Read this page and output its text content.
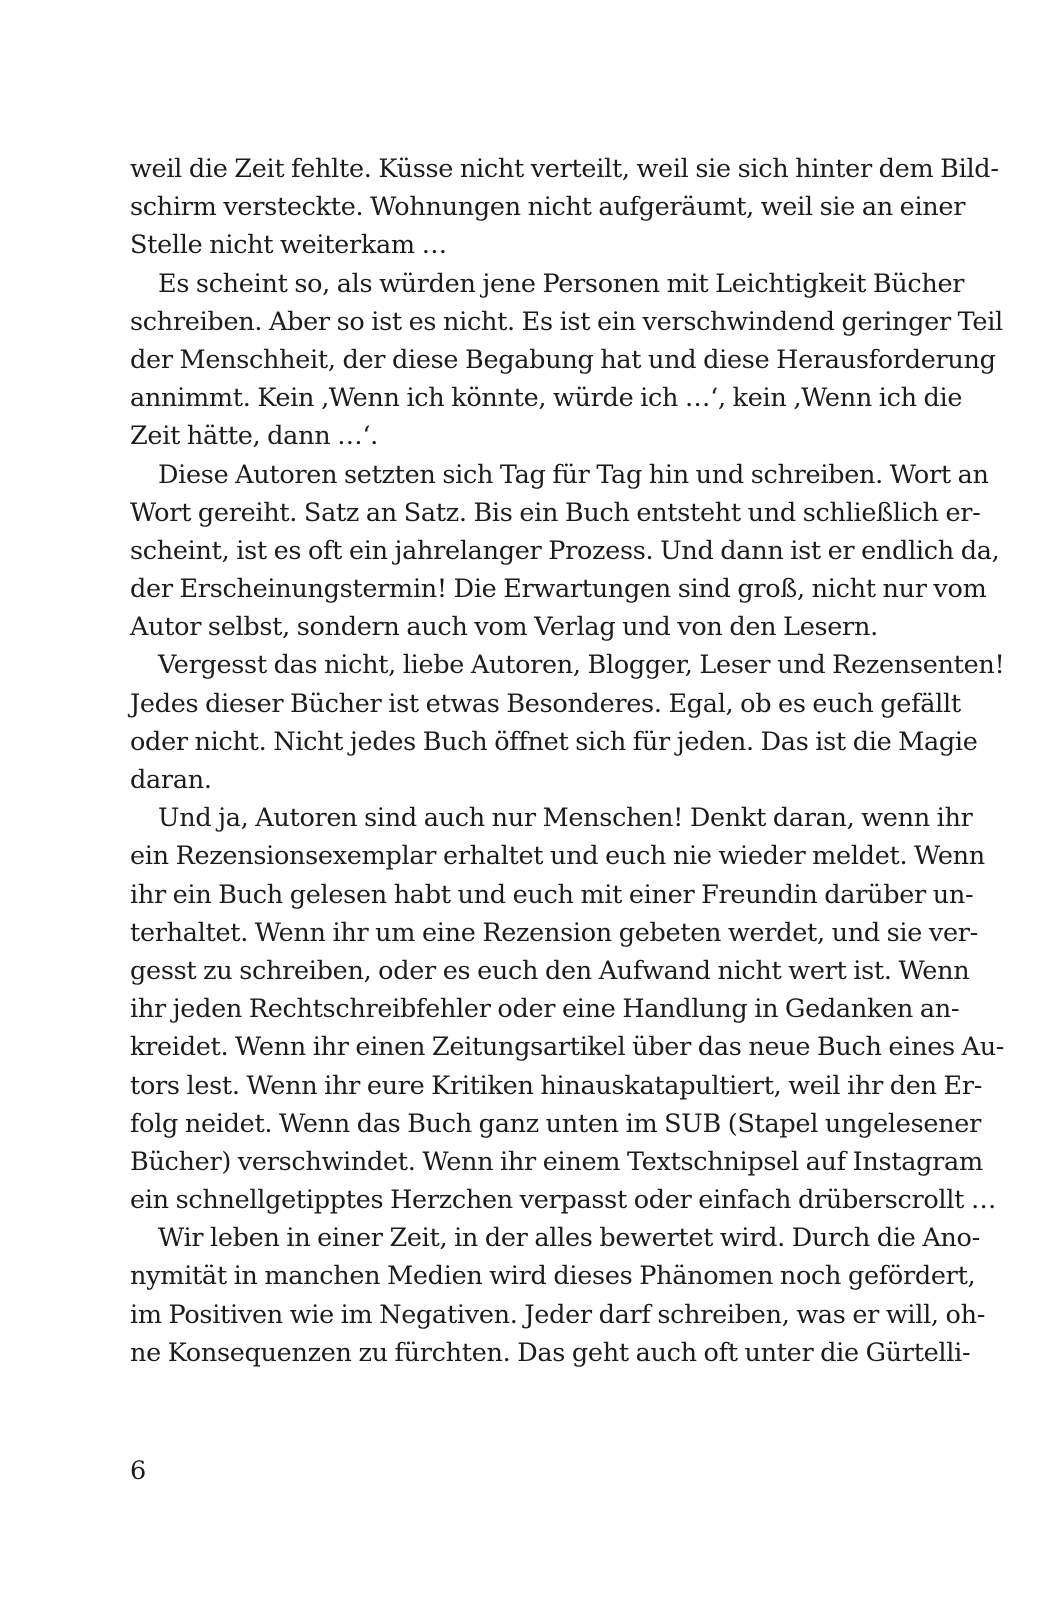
weil die Zeit fehlte. Küsse nicht verteilt, weil sie sich hinter dem Bild-
schirm versteckte. Wohnungen nicht aufgeräumt, weil sie an einer
Stelle nicht weiterkam …
Es scheint so, als würden jene Personen mit Leichtigkeit Bücher
schreiben. Aber so ist es nicht. Es ist ein verschwindend geringer Teil
der Menschheit, der diese Begabung hat und diese Herausforderung
annimmt. Kein ‚Wenn ich könnte, würde ich …‘, kein ‚Wenn ich die
Zeit hätte, dann …‘.
Diese Autoren setzten sich Tag für Tag hin und schreiben. Wort an
Wort gereiht. Satz an Satz. Bis ein Buch entsteht und schließlich er-
scheint, ist es oft ein jahrelanger Prozess. Und dann ist er endlich da,
der Erscheinungstermin! Die Erwartungen sind groß, nicht nur vom
Autor selbst, sondern auch vom Verlag und von den Lesern.
Vergesst das nicht, liebe Autoren, Blogger, Leser und Rezensenten!
Jedes dieser Bücher ist etwas Besonderes. Egal, ob es euch gefällt
oder nicht. Nicht jedes Buch öffnet sich für jeden. Das ist die Magie
daran.
Und ja, Autoren sind auch nur Menschen! Denkt daran, wenn ihr
ein Rezensionsexemplar erhaltet und euch nie wieder meldet. Wenn
ihr ein Buch gelesen habt und euch mit einer Freundin darüber un-
terhaltet. Wenn ihr um eine Rezension gebeten werdet, und sie ver-
gesst zu schreiben, oder es euch den Aufwand nicht wert ist. Wenn
ihr jeden Rechtschreibfehler oder eine Handlung in Gedanken an-
kreidet. Wenn ihr einen Zeitungsartikel über das neue Buch eines Au-
tors lest. Wenn ihr eure Kritiken hinauskatapultiert, weil ihr den Er-
folg neidet. Wenn das Buch ganz unten im SUB (Stapel ungelesener
Bücher) verschwindet. Wenn ihr einem Textschnipsel auf Instagram
ein schnellgetipptes Herzchen verpasst oder einfach drüberscrollt …
Wir leben in einer Zeit, in der alles bewertet wird. Durch die Ano-
nymität in manchen Medien wird dieses Phänomen noch gefördert,
im Positiven wie im Negativen. Jeder darf schreiben, was er will, oh-
ne Konsequenzen zu fürchten. Das geht auch oft unter die Gürtelli-
6
